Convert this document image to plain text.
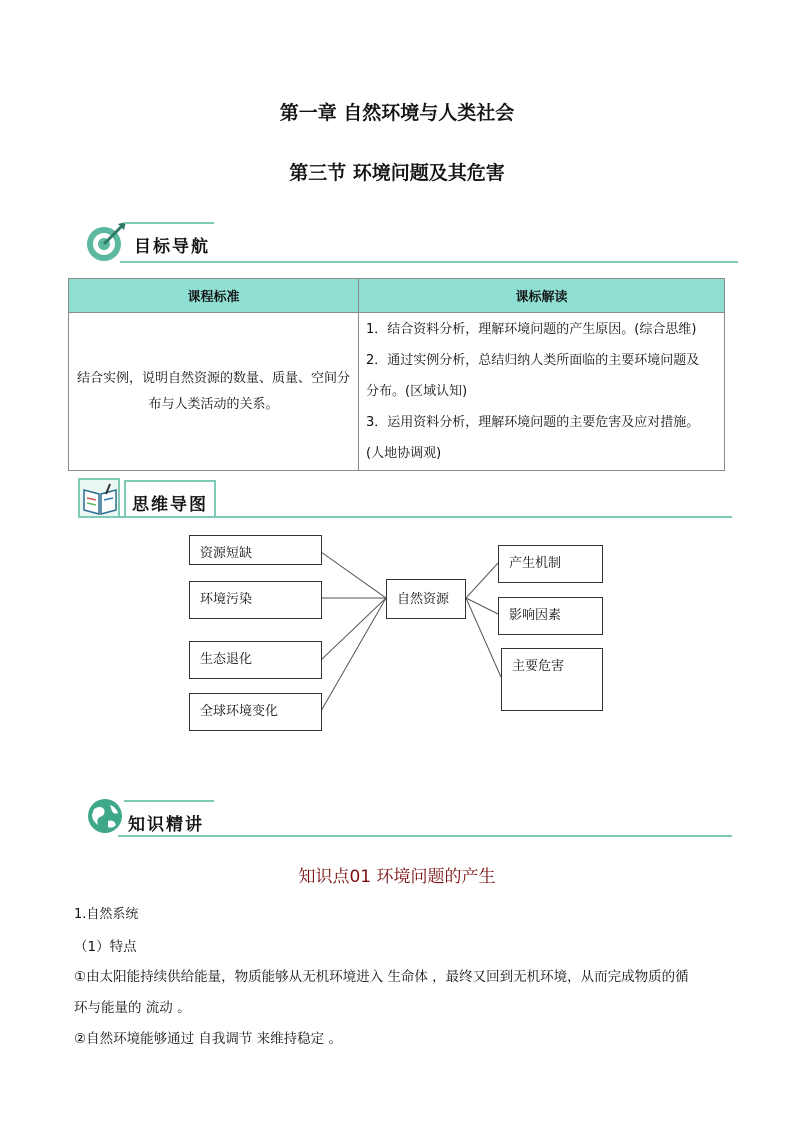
第一章 自然环境与人类社会
第三节 环境问题及其危害
目标导航
课程标准	课标解读
结合实例，说明自然资源的数量、质量、空间分布与人类活动的关系。	1．结合资料分析，理解环境问题的产生原因。(综合思维)
2．通过实例分析，总结归纳人类所面临的主要环境问题及
分布。(区域认知)
3．运用资料分析，理解环境问题的主要危害及应对措施。
(人地协调观)
思维导图
资源短缺
环境污染
生态退化
全球环境变化
自然资源
产生机制
影响因素
主要危害
知识精讲
知识点01 环境问题的产生
1.自然系统
（1）特点
①由太阳能持续供给能量，物质能够从无机环境进入 生命体 ，最终又回到无机环境，从而完成物质的循
环与能量的 流动 。
②自然环境能够通过 自我调节 来维持稳定 。
